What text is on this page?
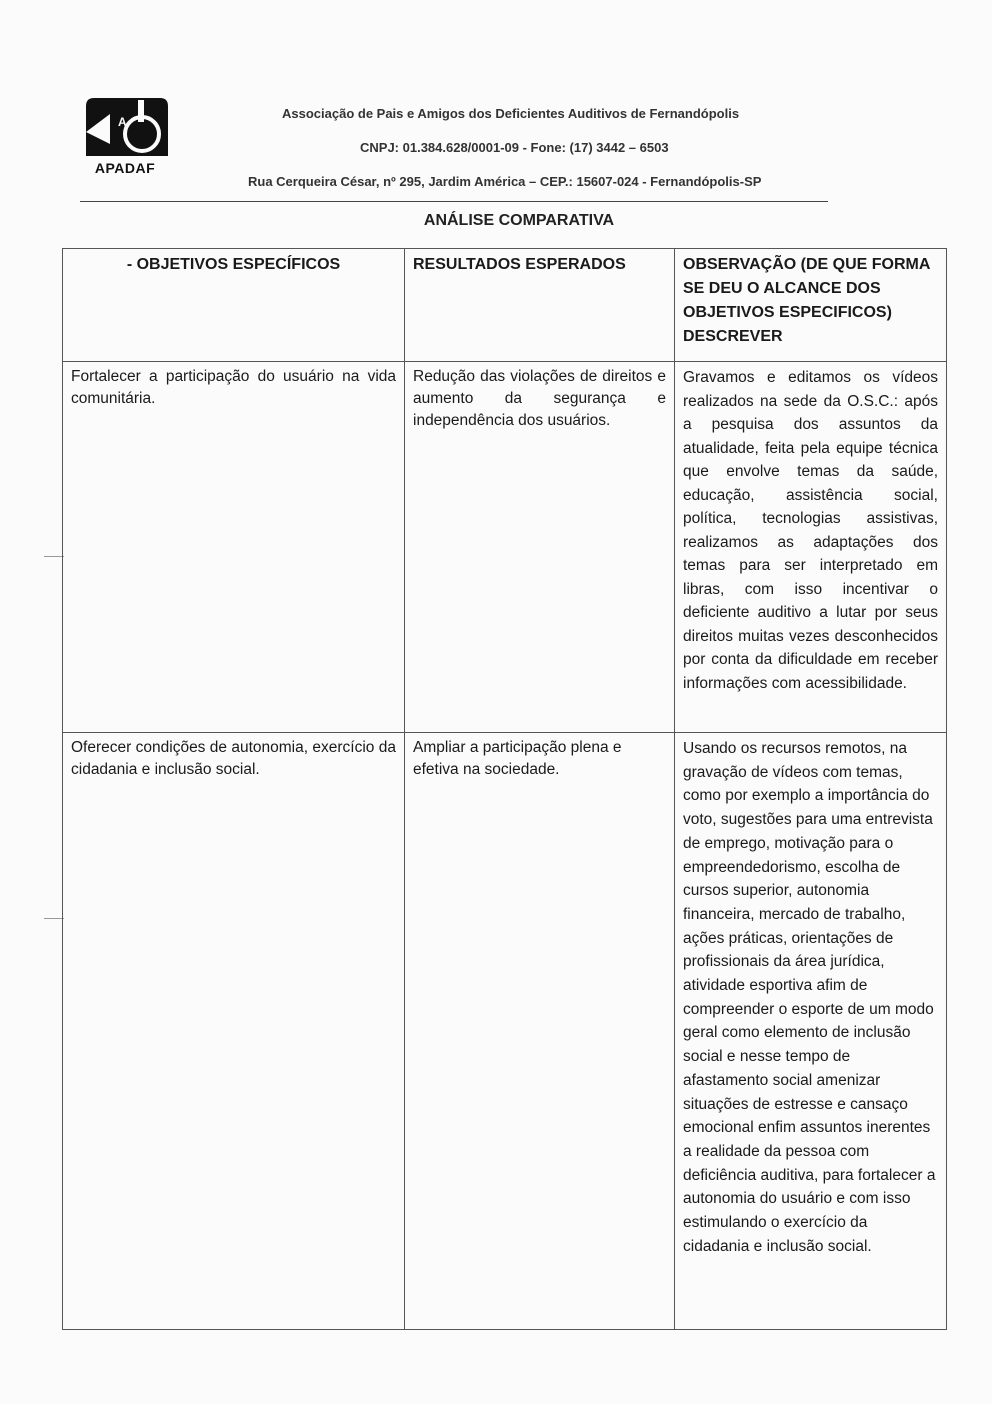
A
APADAF
Associação de Pais e Amigos dos Deficientes Auditivos de Fernandópolis
CNPJ: 01.384.628/0001-09 - Fone: (17) 3442 – 6503
Rua Cerqueira César, nº 295, Jardim América – CEP.: 15607-024 - Fernandópolis-SP
ANÁLISE COMPARATIVA
- OBJETIVOS ESPECÍFICOS	RESULTADOS ESPERADOS	OBSERVAÇÃO (DE QUE FORMA SE DEU O ALCANCE DOS OBJETIVOS ESPECIFICOS) DESCREVER
Fortalecer a participação do usuário na vida comunitária.	Redução das violações de direitos e aumento da segurança e independência dos usuários.	Gravamos e editamos os vídeos realizados na sede da O.S.C.: após a pesquisa dos assuntos da atualidade, feita pela equipe técnica que envolve temas da saúde, educação, assistência social, política, tecnologias assistivas, realizamos as adaptações dos temas para ser interpretado em libras, com isso incentivar o deficiente auditivo a lutar por seus direitos muitas vezes desconhecidos por conta da dificuldade em receber informações com acessibilidade.
Oferecer condições de autonomia, exercício da cidadania e inclusão social.	Ampliar a participação plena e efetiva na sociedade.	Usando os recursos remotos, na gravação de vídeos com temas, como por exemplo a importância do voto, sugestões para uma entrevista de emprego, motivação para o empreendedorismo, escolha de cursos superior, autonomia financeira, mercado de trabalho, ações práticas, orientações de profissionais da área jurídica, atividade esportiva afim de compreender o esporte de um modo geral como elemento de inclusão social e nesse tempo de afastamento social amenizar situações de estresse e cansaço emocional enfim assuntos inerentes a realidade da pessoa com deficiência auditiva, para fortalecer a autonomia do usuário e com isso estimulando o exercício da cidadania e inclusão social.
